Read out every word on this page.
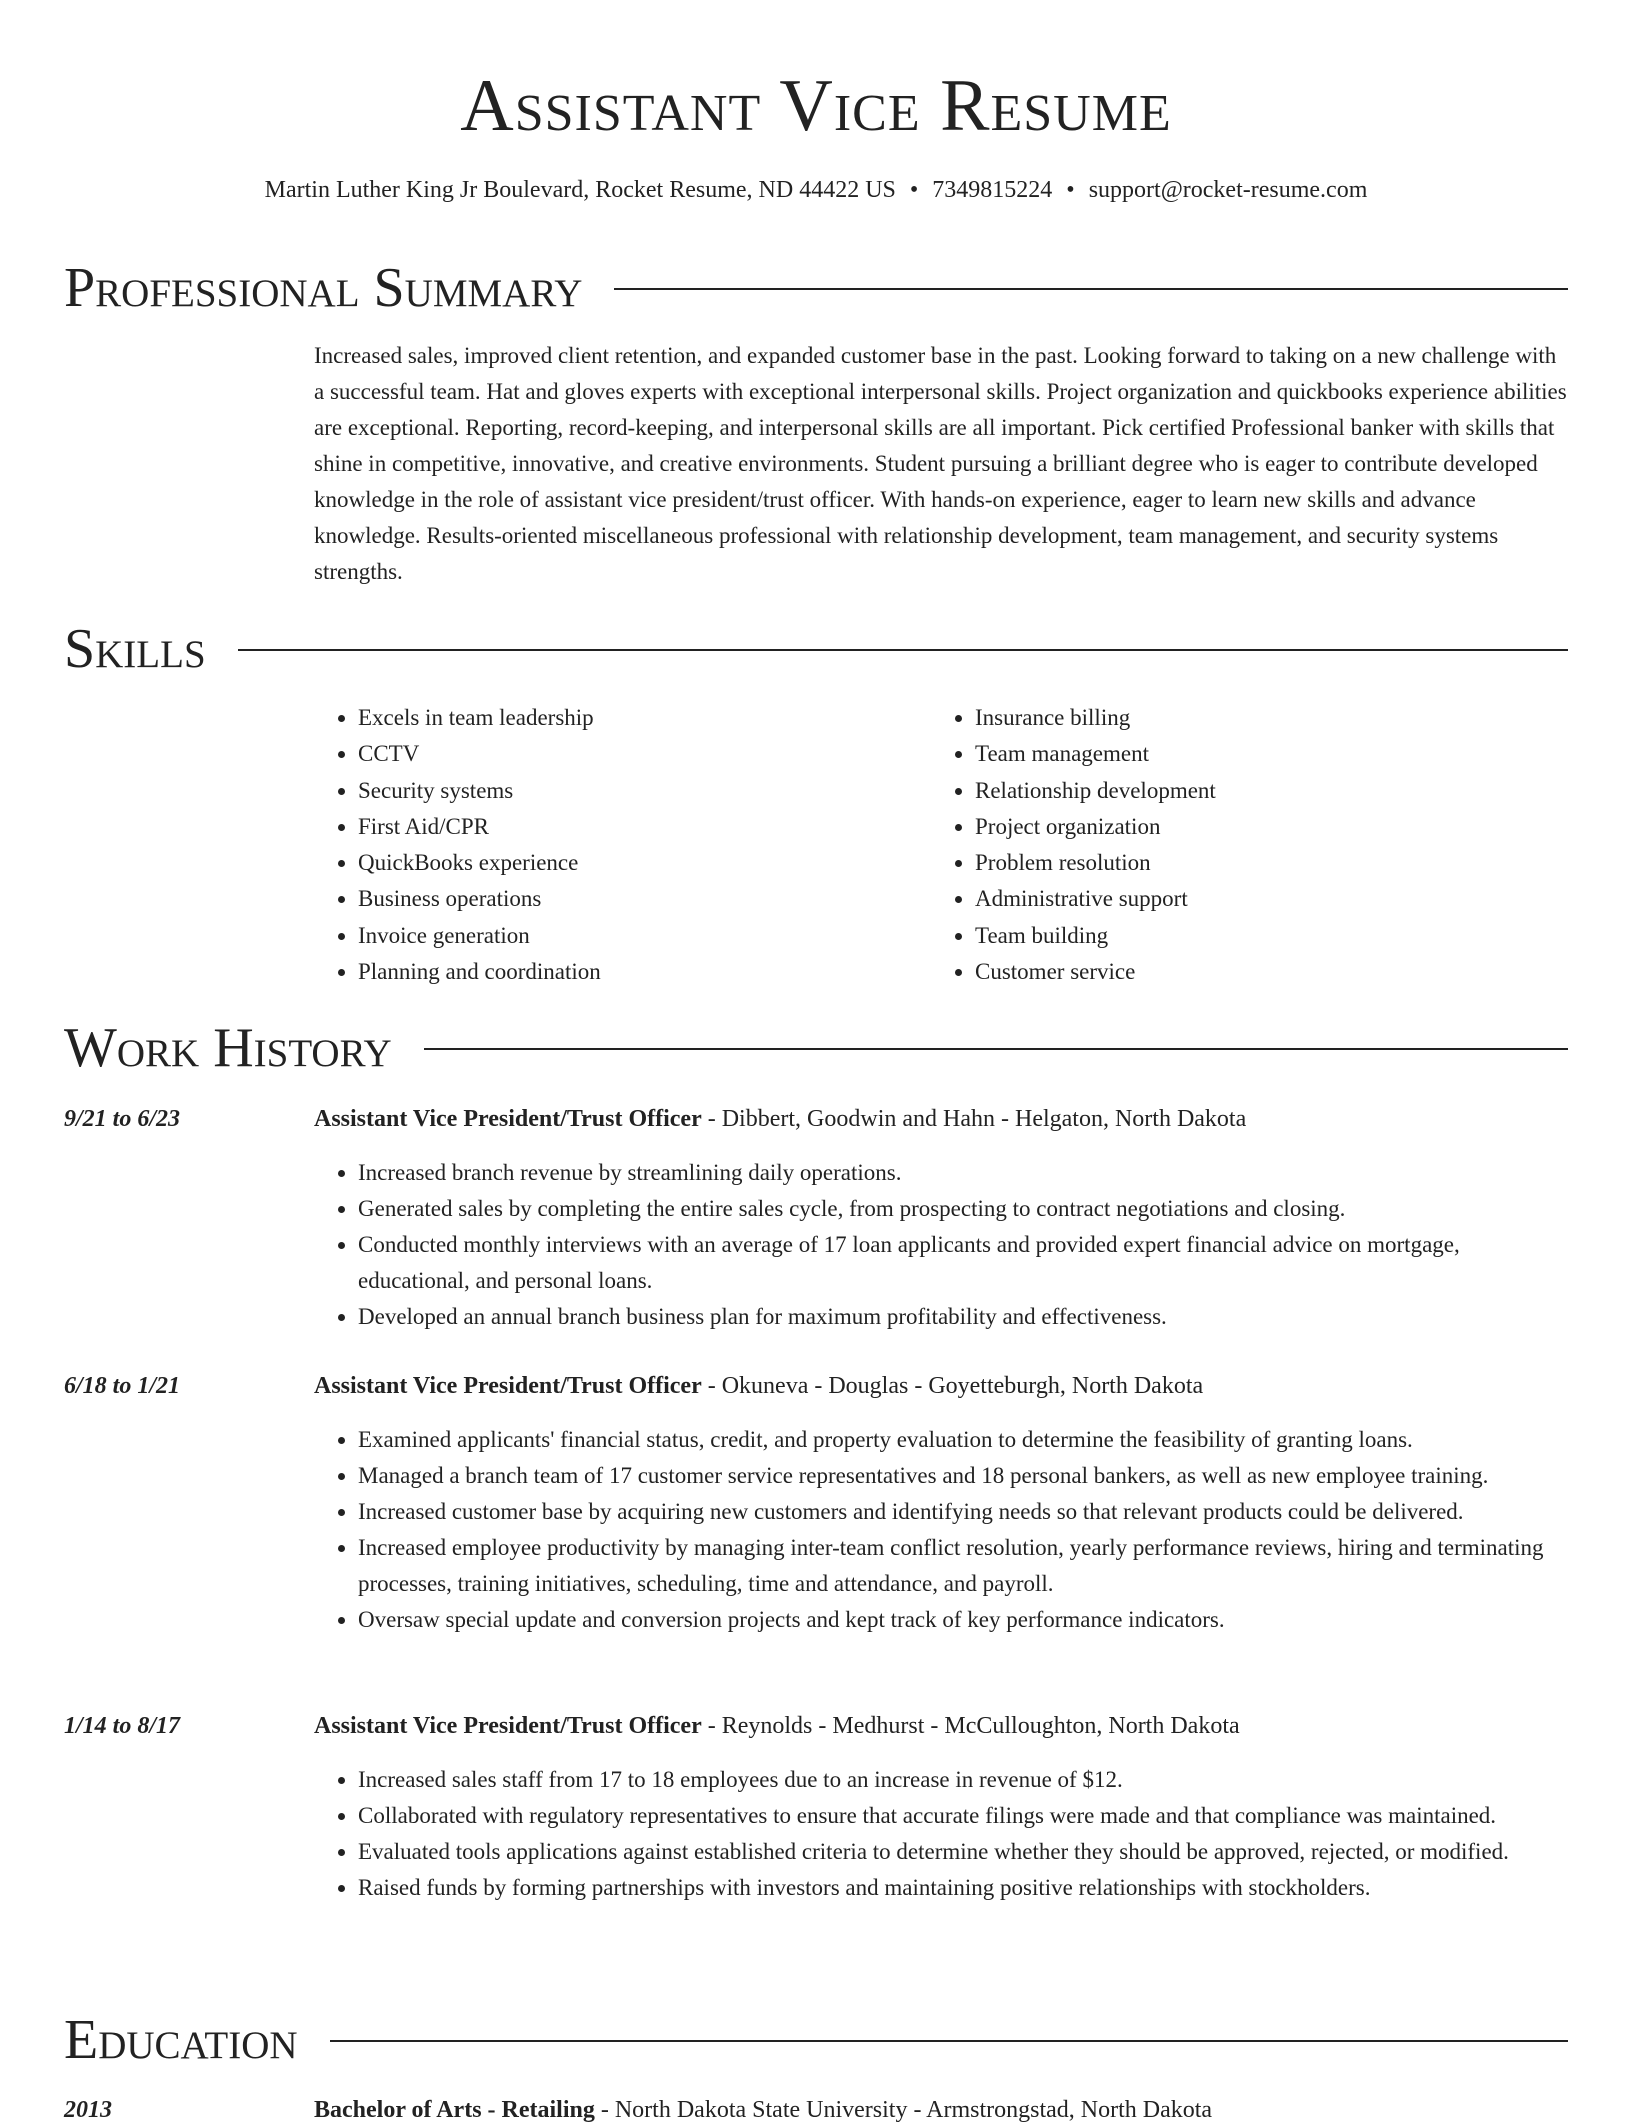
Assistant Vice Resume
Martin Luther King Jr Boulevard, Rocket Resume, ND 44422 US • 7349815224 • support@rocket-resume.com
Professional Summary

Increased sales, improved client retention, and expanded customer base in the past. Looking forward to taking on a new challenge with a successful team. Hat and gloves experts with exceptional interpersonal skills. Project organization and quickbooks experience abilities are exceptional. Reporting, record-keeping, and interpersonal skills are all important. Pick certified Professional banker with skills that shine in competitive, innovative, and creative environments. Student pursuing a brilliant degree who is eager to contribute developed knowledge in the role of assistant vice president/trust officer. With hands-on experience, eager to learn new skills and advance knowledge. Results-oriented miscellaneous professional with relationship development, team management, and security systems strengths.

Skills
• Excels in team leadership
• CCTV
• Security systems
• First Aid/CPR
• QuickBooks experience
• Business operations
• Invoice generation
• Planning and coordination
• Insurance billing
• Team management
• Relationship development
• Project organization
• Problem resolution
• Administrative support
• Team building
• Customer service
Work History
9/21 to 6/23	Assistant Vice President/Trust Officer - Dibbert, Goodwin and Hahn - Helgaton, North Dakota
• Increased branch revenue by streamlining daily operations.
• Generated sales by completing the entire sales cycle, from prospecting to contract negotiations and closing.
• Conducted monthly interviews with an average of 17 loan applicants and provided expert financial advice on mortgage, educational, and personal loans.
• Developed an annual branch business plan for maximum profitability and effectiveness.
6/18 to 1/21	Assistant Vice President/Trust Officer - Okuneva - Douglas - Goyetteburgh, North Dakota
• Examined applicants' financial status, credit, and property evaluation to determine the feasibility of granting loans.
• Managed a branch team of 17 customer service representatives and 18 personal bankers, as well as new employee training.
• Increased customer base by acquiring new customers and identifying needs so that relevant products could be delivered.
• Increased employee productivity by managing inter-team conflict resolution, yearly performance reviews, hiring and terminating processes, training initiatives, scheduling, time and attendance, and payroll.
• Oversaw special update and conversion projects and kept track of key performance indicators.
1/14 to 8/17	Assistant Vice President/Trust Officer - Reynolds - Medhurst - McCulloughton, North Dakota
• Increased sales staff from 17 to 18 employees due to an increase in revenue of $12.
• Collaborated with regulatory representatives to ensure that accurate filings were made and that compliance was maintained.
• Evaluated tools applications against established criteria to determine whether they should be approved, rejected, or modified.
• Raised funds by forming partnerships with investors and maintaining positive relationships with stockholders.
Education
2013	Bachelor of Arts - Retailing - North Dakota State University - Armstrongstad, North Dakota
